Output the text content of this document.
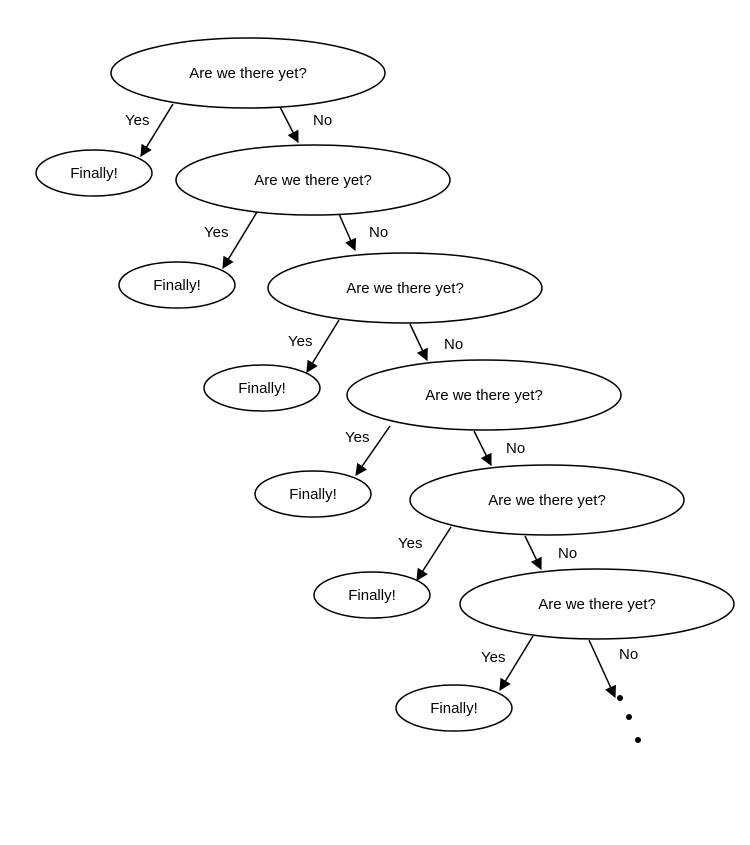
Are we there yet?
Finally!	Are we there yet?
Finally!	Are we there yet?
Finally!	Are we there yet?
Finally!	Are we there yet?
Finally!
Are we there yet?
Finally!
Yes	No
Yes	No
Yes	No
Yes
No
Yes
No
Yes	No
